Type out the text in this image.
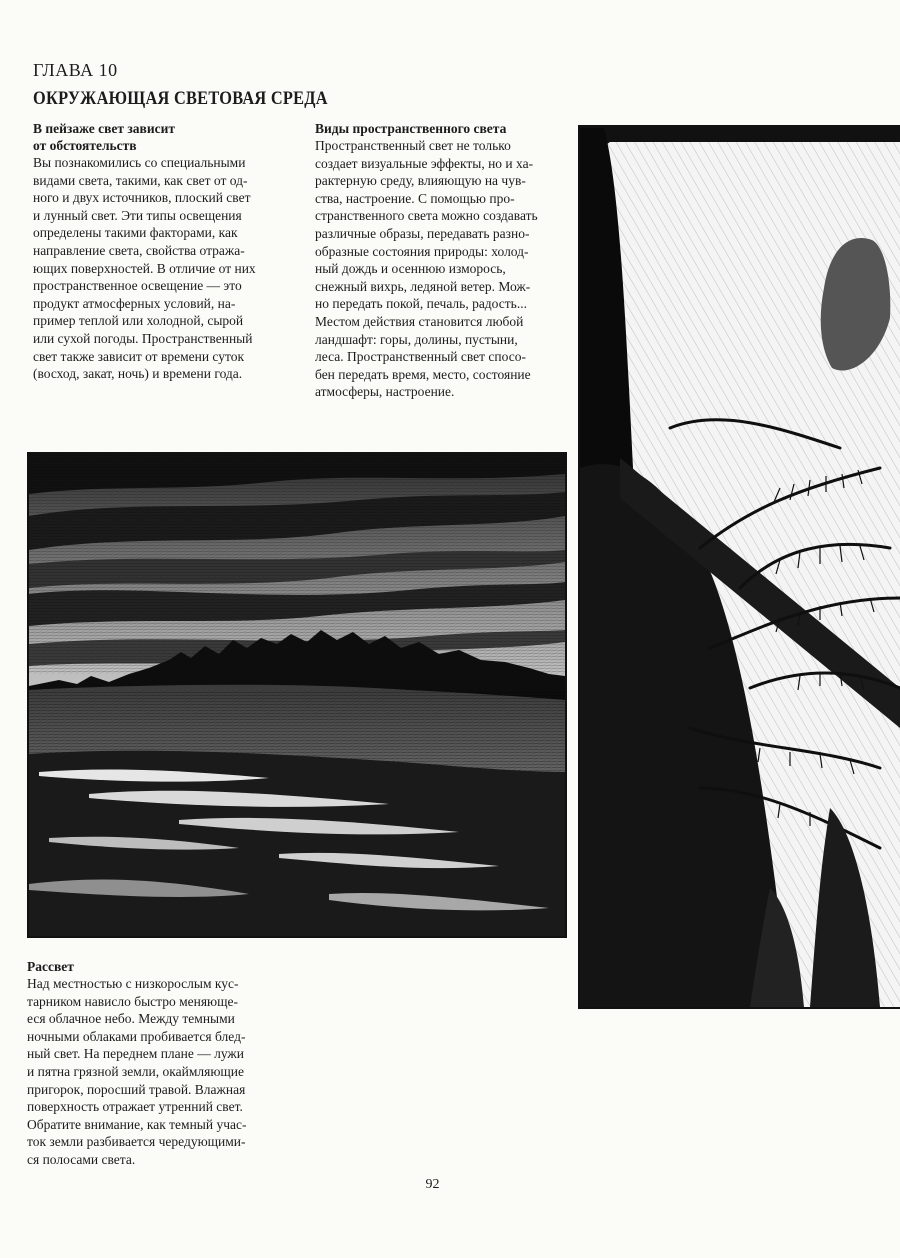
ГЛАВА 10
ОКРУЖАЮЩАЯ СВЕТОВАЯ СРЕДА
В пейзаже свет зависит
от обстоятельств
Вы познакомились со специальными
видами света, такими, как свет от од-
ного и двух источников, плоский свет
и лунный свет. Эти типы освещения
определены такими факторами, как
направление света, свойства отража-
ющих поверхностей. В отличие от них
пространственное освещение — это
продукт атмосферных условий, на-
пример теплой или холодной, сырой
или сухой погоды. Пространственный
свет также зависит от времени суток
(восход, закат, ночь) и времени года.
Виды пространственного света
Пространственный свет не только
создает визуальные эффекты, но и ха-
рактерную среду, влияющую на чув-
ства, настроение. С помощью про-
странственного света можно создавать
различные образы, передавать разно-
образные состояния природы: холод-
ный дождь и осеннюю изморось,
снежный вихрь, ледяной ветер. Мож-
но передать покой, печаль, радость...
Местом действия становится любой
ландшафт: горы, долины, пустыни,
леса. Пространственный свет спосо-
бен передать время, место, состояние
атмосферы, настроение.
Рассвет
Над местностью с низкорослым кус-
тарником нависло быстро меняюще-
еся облачное небо. Между темными
ночными облаками пробивается блед-
ный свет. На переднем плане — лужи
и пятна грязной земли, окаймляющие
пригорок, поросший травой. Влажная
поверхность отражает утренний свет.
Обратите внимание, как темный учас-
ток земли разбивается чередующими-
ся полосами света.
92
